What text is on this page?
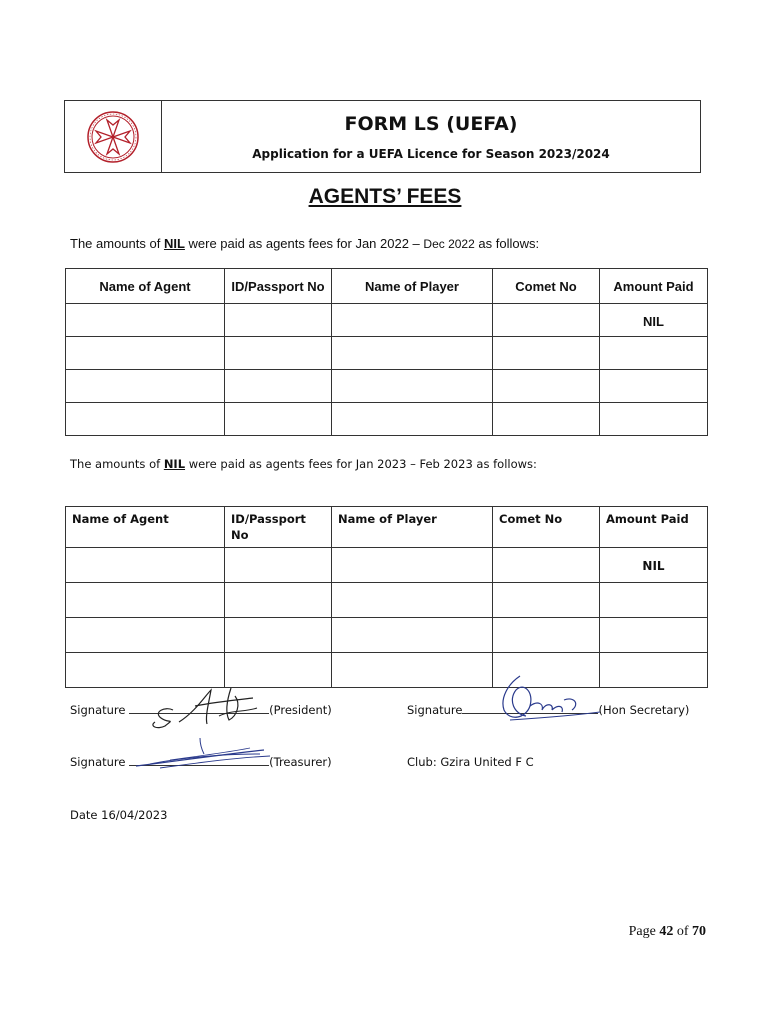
FORM LS (UEFA)
Application for a UEFA Licence for Season 2023/2024
AGENTS’ FEES
The amounts of NIL were paid as agents fees for Jan 2022 – Dec 2022 as follows:
Name of Agent	ID/Passport No	Name of Player	Comet No	Amount Paid
				NIL

The amounts of NIL were paid as agents fees for Jan 2023 – Feb 2023 as follows:
Name of Agent	ID/Passport No	Name of Player	Comet No	Amount Paid
				NIL

Signature	(President)	Signature	(Hon Secretary)
Signature	(Treasurer)	Club: Gzira United F C
Date 16/04/2023
Page 42 of 70
